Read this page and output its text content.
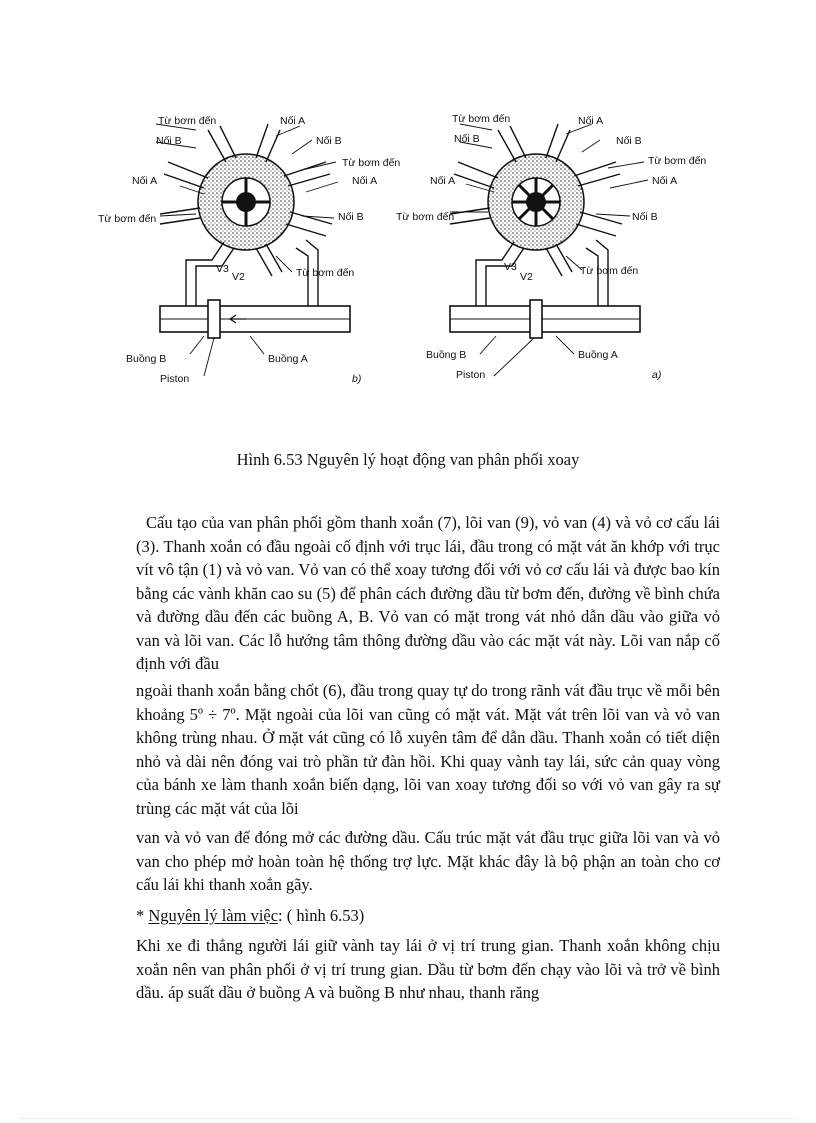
Từ bơm đến	Nối A
Nối B	Nối B
Từ bơm đến
Nối A
Nối A
Từ bơm đến	Nối B
V3
V2	Từ bơm đến
Buồng B	Buồng A
Piston	b)
Từ bơm đến
Nối B
Nối A
Nối B
Từ bơm đến
Nối A
Nối A
Từ bơm đến	Nối B
V3
V2	Từ bơm đến
Buồng B	Buồng A
Piston	a)
Hình 6.53 Nguyên lý hoạt động van phân phối xoay

Cấu tạo của van phân phối gồm thanh xoắn (7), lõi van (9), vỏ van (4) và vỏ cơ cấu lái (3). Thanh xoắn có đầu ngoài cố định với trục lái, đầu trong có mặt vát ăn khớp với trục vít vô tận (1) và vỏ van. Vỏ van có thể xoay tương đối với vỏ cơ cấu lái và được bao kín bằng các vành khăn cao su (5) để phân cách đường dầu từ bơm đến, đường về bình chứa và đường dầu đến các buồng A, B. Vỏ van có mặt trong vát nhỏ dẫn dầu vào giữa vỏ van và lõi van. Các lỗ hướng tâm thông đường dầu vào các mặt vát này. Lõi van nắp cố định với đầu

ngoài thanh xoắn bằng chốt (6), đầu trong quay tự do trong rãnh vát đầu trục về mỗi bên khoảng 5º ÷ 7º. Mặt ngoài của lõi van cũng có mặt vát. Mặt vát trên lõi van và vỏ van không trùng nhau. Ở mặt vát cũng có lỗ xuyên tâm để dẫn dầu. Thanh xoắn có tiết diện nhỏ và dài nên đóng vai trò phần tử đàn hồi. Khi quay vành tay lái, sức cản quay vòng của bánh xe làm thanh xoắn biến dạng, lõi van xoay tương đối so với vỏ van gây ra sự trùng các mặt vát của lõi

van và vỏ van để đóng mở các đường dầu. Cấu trúc mặt vát đầu trục giữa lõi van và vỏ van cho phép mở hoàn toàn hệ thống trợ lực. Mặt khác đây là bộ phận an toàn cho cơ cấu lái khi thanh xoắn gãy.

* Nguyên lý làm việc: ( hình 6.53)

Khi xe đi thẳng người lái giữ vành tay lái ở vị trí trung gian. Thanh xoắn không chịu xoắn nên van phân phối ở vị trí trung gian. Dầu từ bơm đến chạy vào lõi và trở về bình dầu. áp suất dầu ở buồng A và buồng B như nhau, thanh răng
